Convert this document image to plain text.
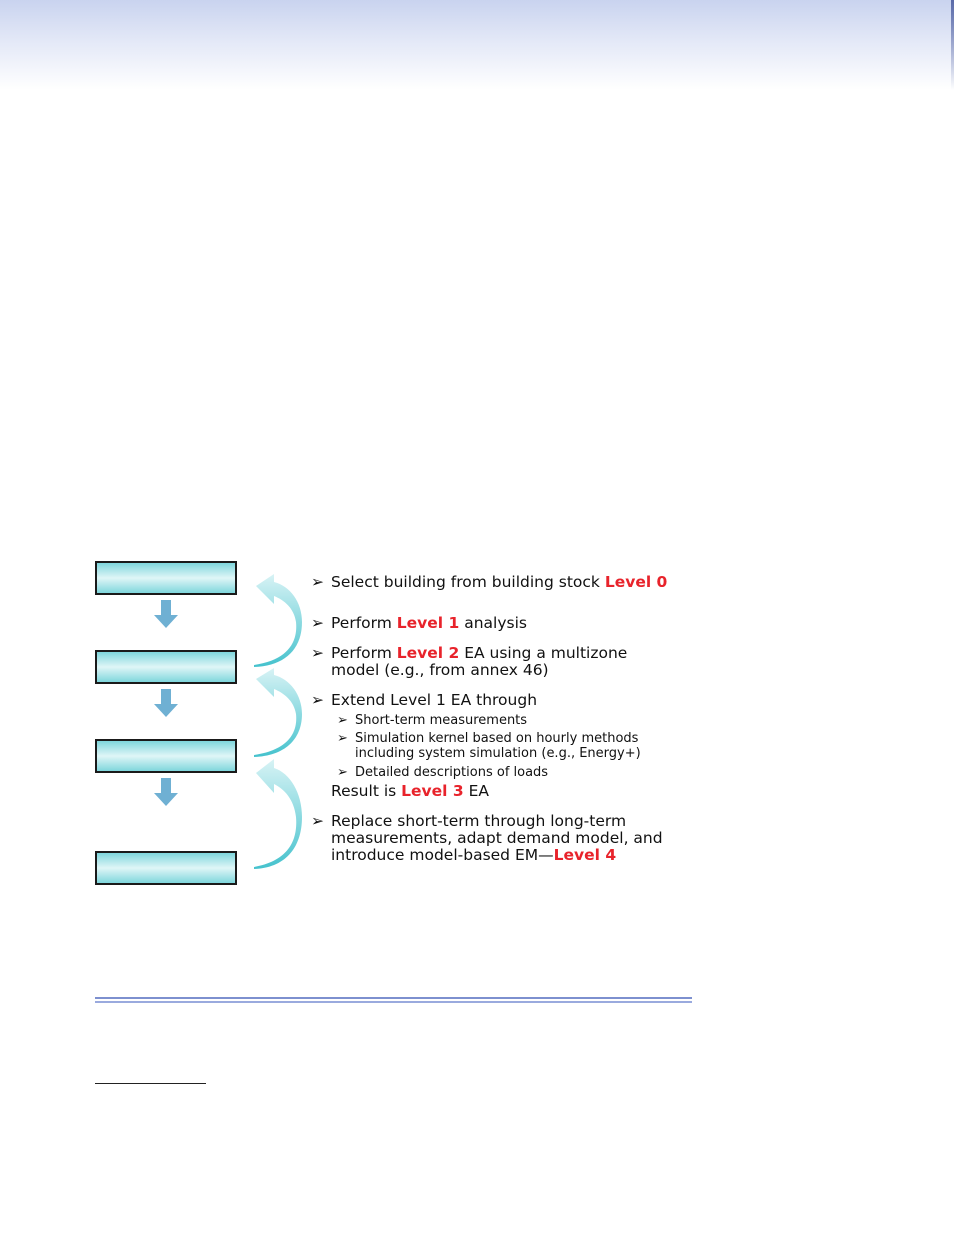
➢ Select building from building stock Level 0
➢ Perform Level 1 analysis
➢ Perform Level 2 EA using a multizone
model (e.g., from annex 46)
➢ Extend Level 1 EA through
➢ Short-term measurements
➢ Simulation kernel based on hourly methods
including system simulation (e.g., Energy+)
➢ Detailed descriptions of loads
Result is Level 3 EA
➢ Replace short-term through long-term
measurements, adapt demand model, and
introduce model-based EM—Level 4
